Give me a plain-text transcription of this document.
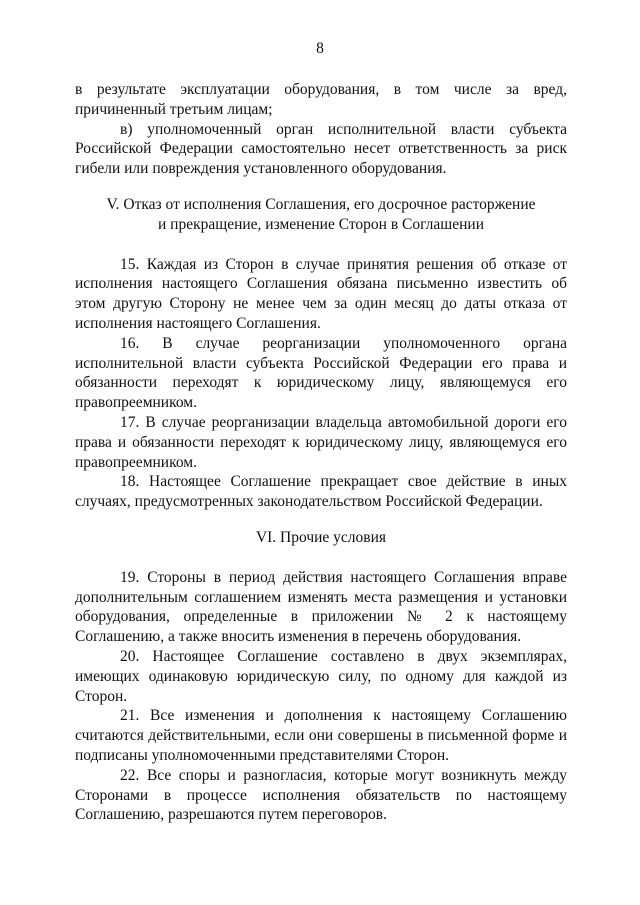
8

в результате эксплуатации оборудования, в том числе за вред, причиненный третьим лицам;

в) уполномоченный орган исполнительной власти субъекта Российской Федерации самостоятельно несет ответственность за риск гибели или повреждения установленного оборудования.

V. Отказ от исполнения Соглашения, его досрочное расторжение
и прекращение, изменение Сторон в Соглашении

15. Каждая из Сторон в случае принятия решения об отказе от исполнения настоящего Соглашения обязана письменно известить об этом другую Сторону не менее чем за один месяц до даты отказа от исполнения настоящего Соглашения.

16. В случае реорганизации уполномоченного органа исполнительной власти субъекта Российской Федерации его права и обязанности переходят к юридическому лицу, являющемуся его правопреемником.

17. В случае реорганизации владельца автомобильной дороги его права и обязанности переходят к юридическому лицу, являющемуся его правопреемником.

18. Настоящее Соглашение прекращает свое действие в иных случаях, предусмотренных законодательством Российской Федерации.

VI. Прочие условия

19. Стороны в период действия настоящего Соглашения вправе дополнительным соглашением изменять места размещения и установки оборудования, определенные в приложении № 2 к настоящему Соглашению, а также вносить изменения в перечень оборудования.

20. Настоящее Соглашение составлено в двух экземплярах, имеющих одинаковую юридическую силу, по одному для каждой из Сторон.

21. Все изменения и дополнения к настоящему Соглашению считаются действительными, если они совершены в письменной форме и подписаны уполномоченными представителями Сторон.

22. Все споры и разногласия, которые могут возникнуть между Сторонами в процессе исполнения обязательств по настоящему Соглашению, разрешаются путем переговоров.
